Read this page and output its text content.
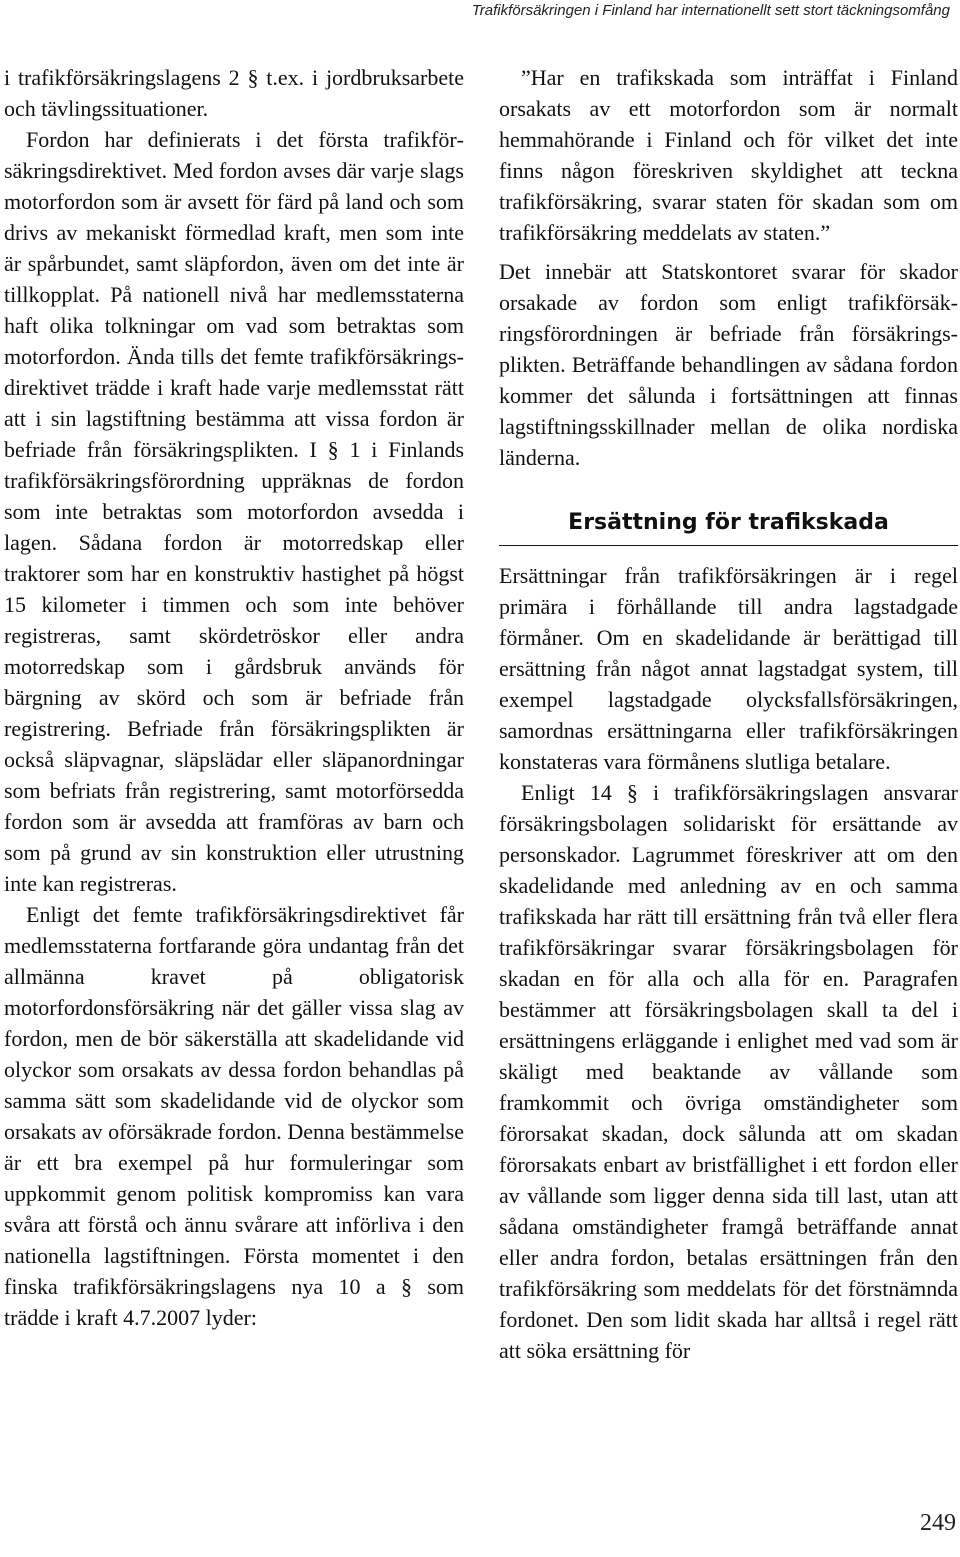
Trafikförsäkringen i Finland har internationellt sett stort täckningsomfång

i trafikförsäkringslagens 2 § t.ex. i jordbruksarbete och tävlingssituationer.

Fordon har definierats i det första trafikförsäkringsdirektivet. Med fordon avses där varje slags motorfordon som är avsett för färd på land och som drivs av mekaniskt förmedlad kraft, men som inte är spårbundet, samt släpfordon, även om det inte är tillkopplat. På nationell nivå har medlemsstaterna haft olika tolkningar om vad som betraktas som motorfordon. Ända tills det femte trafikförsäkringsdirektivet trädde i kraft hade varje medlemsstat rätt att i sin lagstiftning bestämma att vissa fordon är befriade från försäkringsplikten. I § 1 i Finlands trafikförsäkringsförordning uppräknas de fordon som inte betraktas som motorfordon avsedda i lagen. Sådana fordon är motorredskap eller traktorer som har en konstruktiv hastighet på högst 15 kilometer i timmen och som inte behöver registreras, samt skördetröskor eller andra motorredskap som i gårdsbruk används för bärgning av skörd och som är befriade från registrering. Befriade från försäkringsplikten är också släpvagnar, släpslädar eller släpanordningar som befriats från registrering, samt motorförsedda fordon som är avsedda att framföras av barn och som på grund av sin konstruktion eller utrustning inte kan registreras.

Enligt det femte trafikförsäkringsdirektivet får medlemsstaterna fortfarande göra undantag från det allmänna kravet på obligatorisk motorfordonsförsäkring när det gäller vissa slag av fordon, men de bör säkerställa att skadelidande vid olyckor som orsakats av dessa fordon behandlas på samma sätt som skadelidande vid de olyckor som orsakats av oförsäkrade fordon. Denna bestämmelse är ett bra exempel på hur formuleringar som uppkommit genom politisk kompromiss kan vara svåra att förstå och ännu svårare att införliva i den nationella lagstiftningen. Första momentet i den finska trafikförsäkringslagens nya 10 a § som trädde i kraft 4.7.2007 lyder:

”Har en trafikskada som inträffat i Finland orsakats av ett motorfordon som är normalt hemmahörande i Finland och för vilket det inte finns någon föreskriven skyldighet att teckna trafikförsäkring, svarar staten för skadan som om trafikförsäkring meddelats av staten.”

Det innebär att Statskontoret svarar för skador orsakade av fordon som enligt trafikförsäkringsförordningen är befriade från försäkringsplikten. Beträffande behandlingen av sådana fordon kommer det sålunda i fortsättningen att finnas lagstiftningsskillnader mellan de olika nordiska länderna.

Ersättning för trafikskada

Ersättningar från trafikförsäkringen är i regel primära i förhållande till andra lagstadgade förmåner. Om en skadelidande är berättigad till ersättning från något annat lagstadgat system, till exempel lagstadgade olycksfallsförsäkringen, samordnas ersättningarna eller trafikförsäkringen konstateras vara förmånens slutliga betalare.

Enligt 14 § i trafikförsäkringslagen ansvarar försäkringsbolagen solidariskt för ersättande av personskador. Lagrummet föreskriver att om den skadelidande med anledning av en och samma trafikskada har rätt till ersättning från två eller flera trafikförsäkringar svarar försäkringsbolagen för skadan en för alla och alla för en. Paragrafen bestämmer att försäkringsbolagen skall ta del i ersättningens erläggande i enlighet med vad som är skäligt med beaktande av vållande som framkommit och övriga omständigheter som förorsakat skadan, dock sålunda att om skadan förorsakats enbart av bristfällighet i ett fordon eller av vållande som ligger denna sida till last, utan att sådana omständigheter framgå beträffande annat eller andra fordon, betalas ersättningen från den trafikförsäkring som meddelats för det förstnämnda fordonet. Den som lidit skada har alltså i regel rätt att söka ersättning för

249
